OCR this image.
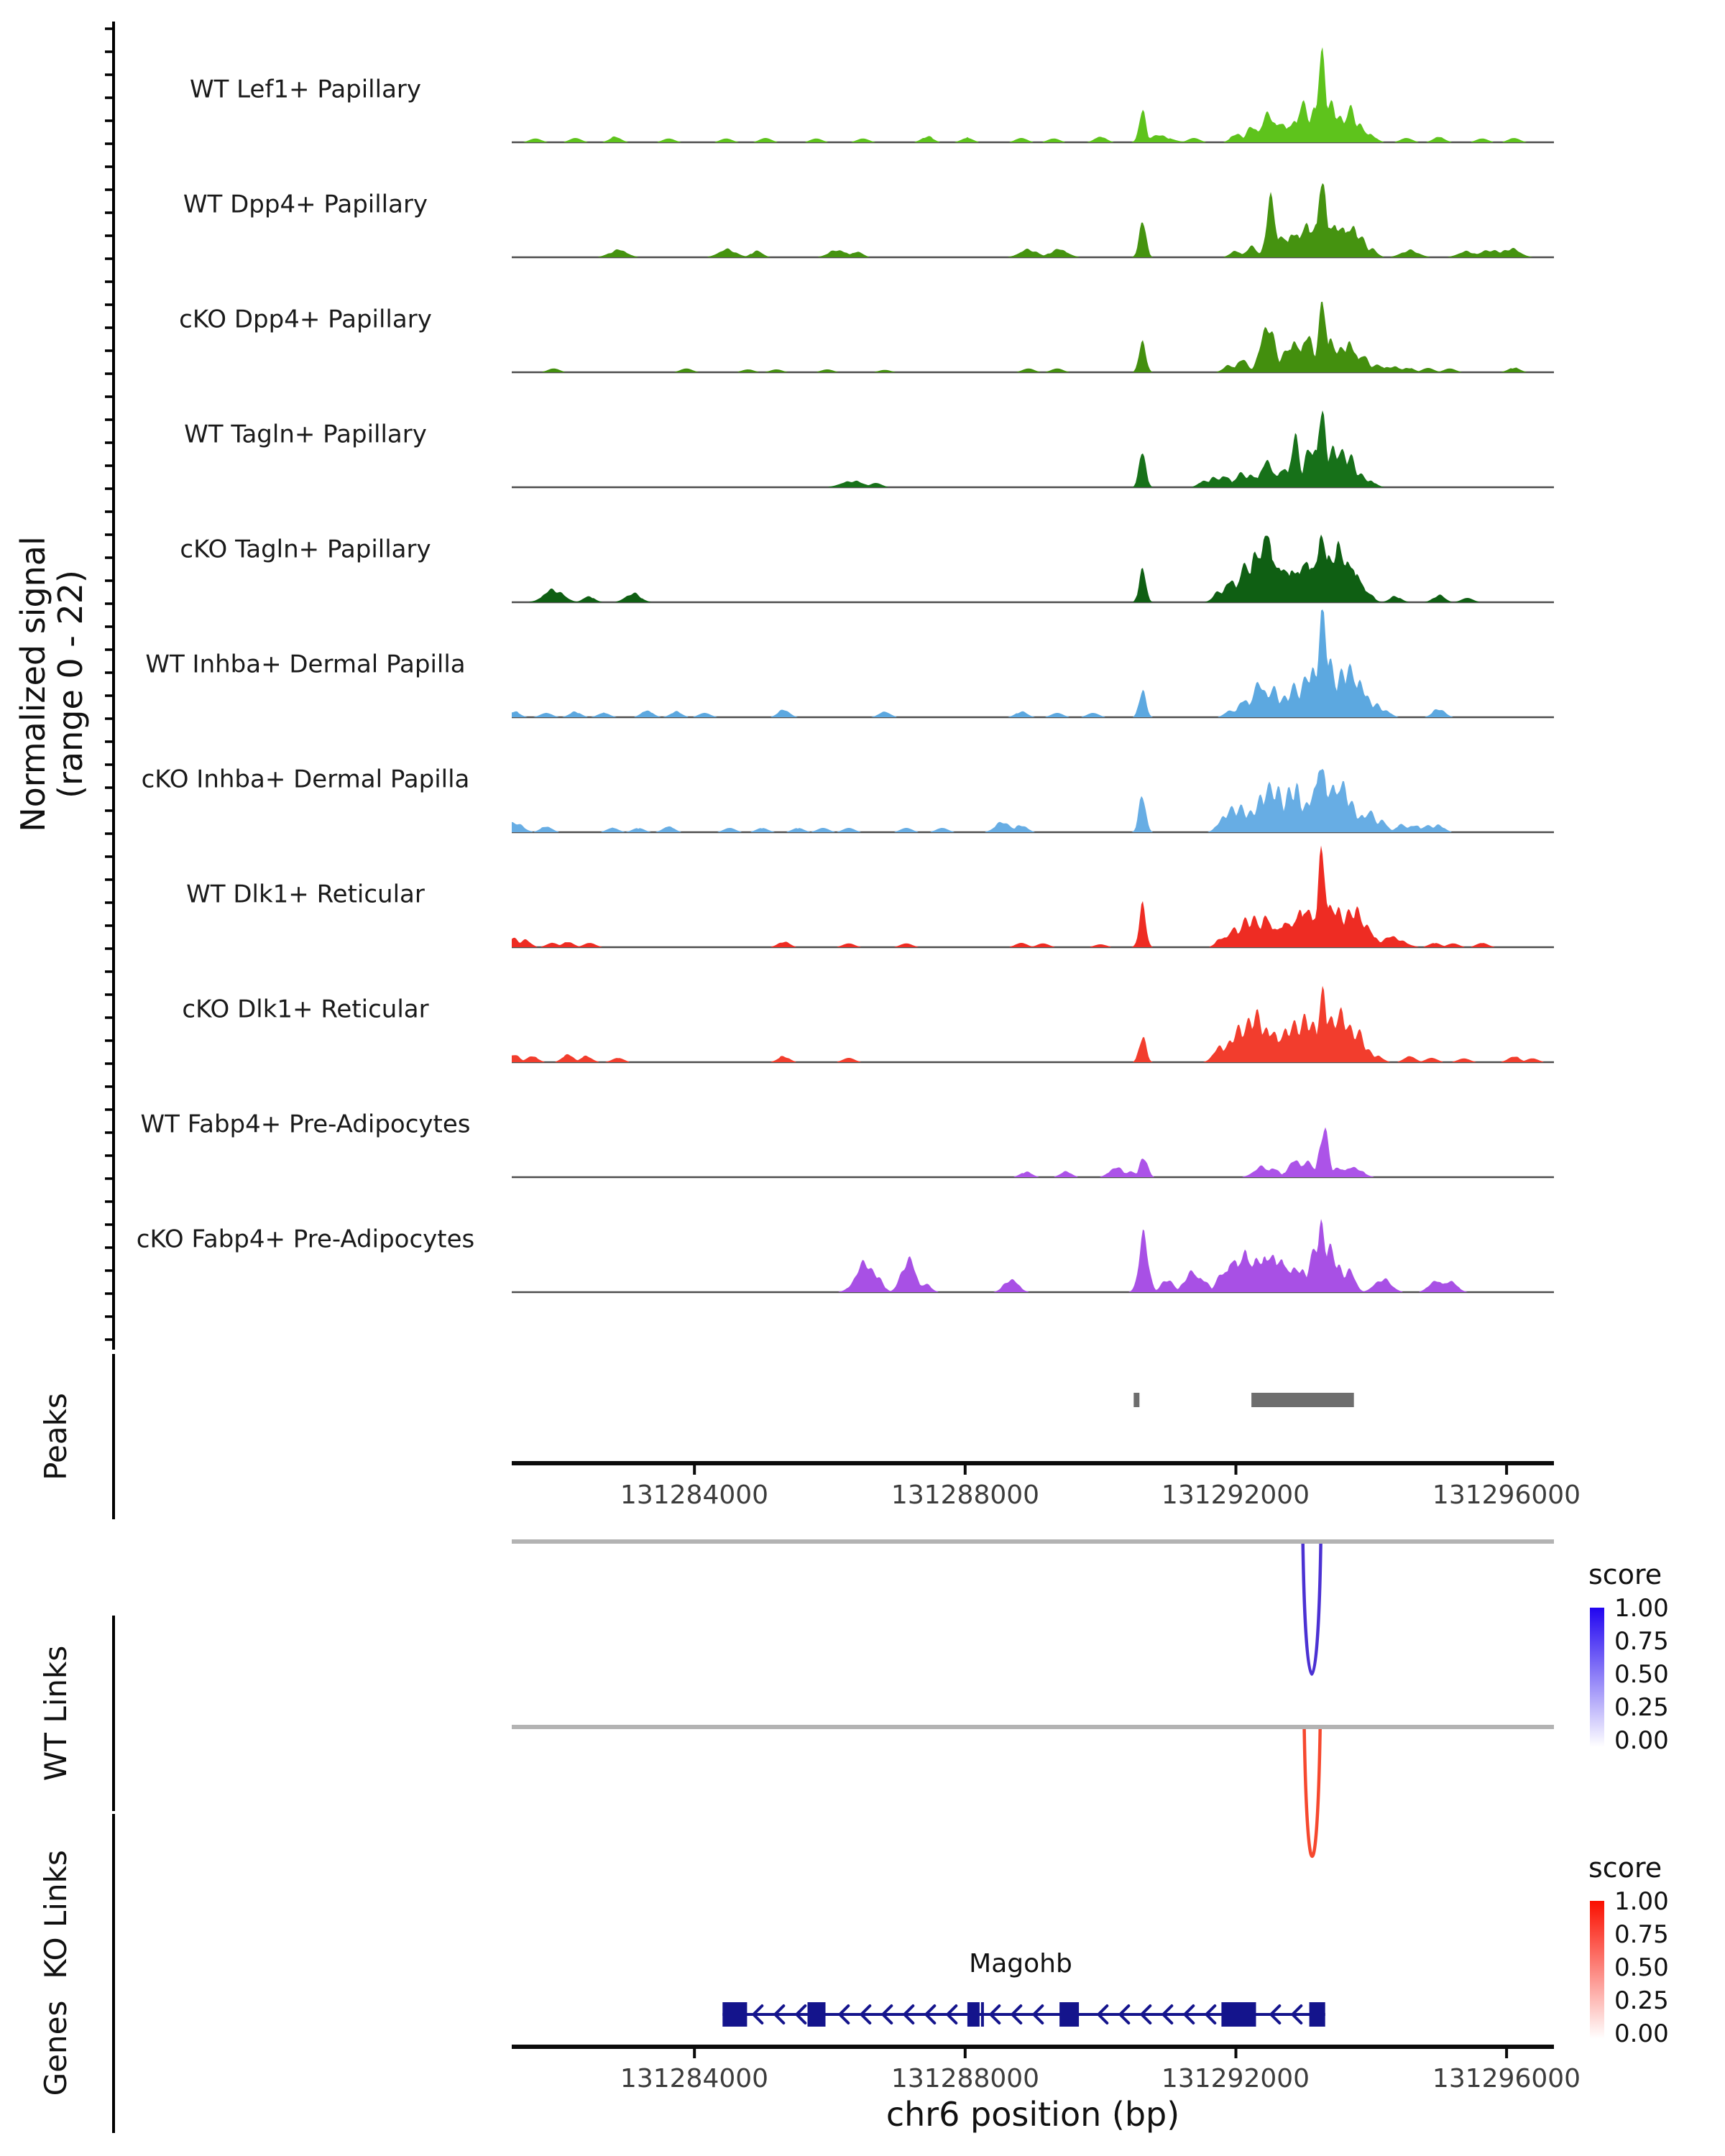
Normalized signal
(range 0 - 22)
Peaks
WT Links
KO Links
Genes
WT Lef1+ Papillary
WT Dpp4+ Papillary
cKO Dpp4+ Papillary
WT Tagln+ Papillary
cKO Tagln+ Papillary
WT Inhba+ Dermal Papilla
cKO Inhba+ Dermal Papilla
WT Dlk1+ Reticular
cKO Dlk1+ Reticular
WT Fabp4+ Pre-Adipocytes
cKO Fabp4+ Pre-Adipocytes
score
1.00
0.75
0.50
0.25
0.00
score
1.00
0.75
0.50
0.25
0.00
131284000	131288000	131292000	131296000
131284000	131288000	131292000	131296000
chr6 position (bp)
Magohb
